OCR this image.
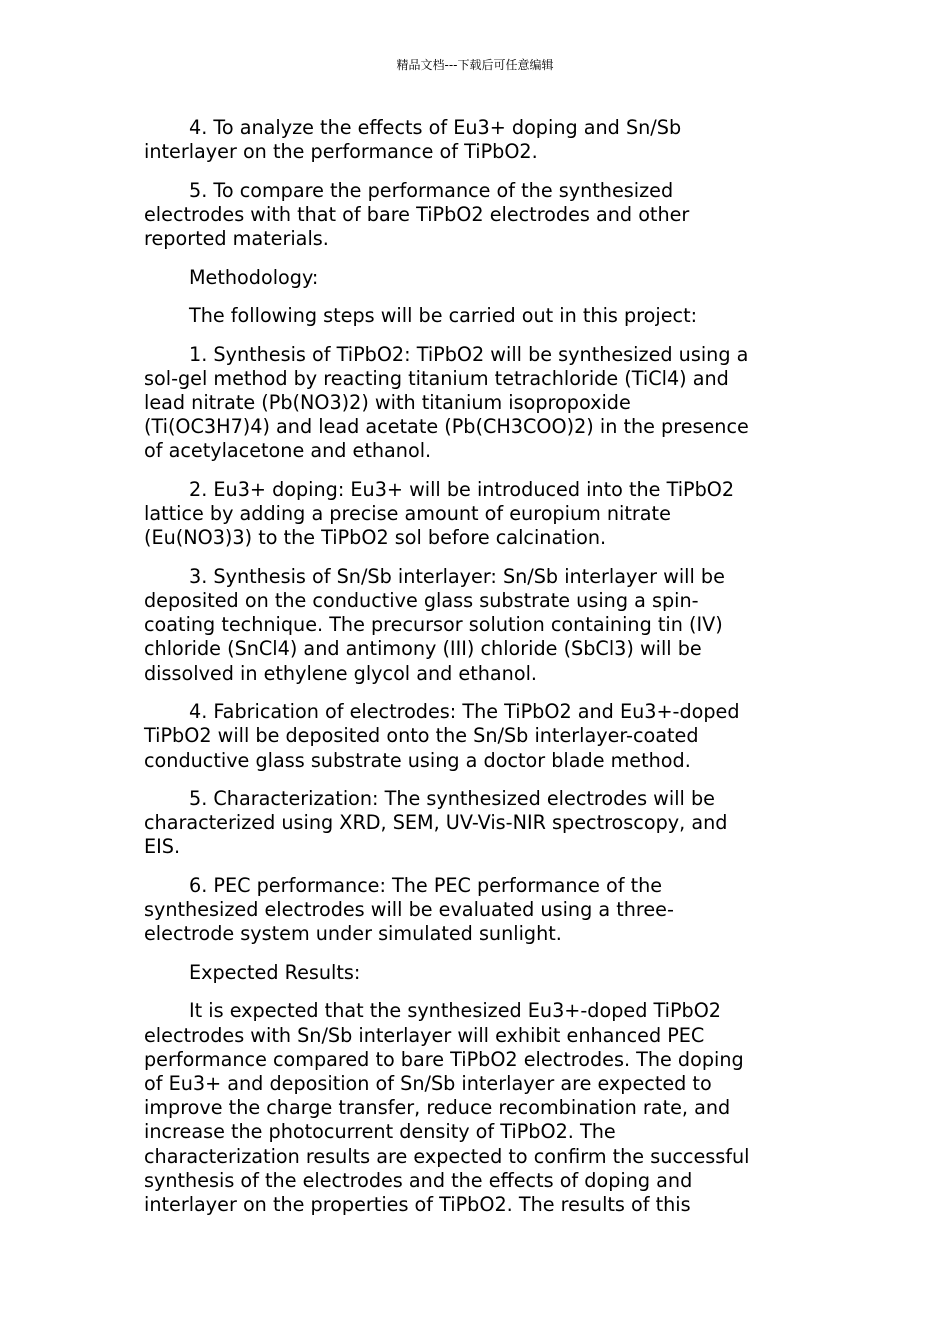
精品文档---下载后可任意编辑

4. To analyze the effects of Eu3+ doping and Sn/Sb
interlayer on the performance of TiPbO2.

5. To compare the performance of the synthesized
electrodes with that of bare TiPbO2 electrodes and other
reported materials.

Methodology:

The following steps will be carried out in this project:

1. Synthesis of TiPbO2: TiPbO2 will be synthesized using a
sol-gel method by reacting titanium tetrachloride (TiCl4) and
lead nitrate (Pb(NO3)2) with titanium isopropoxide
(Ti(OC3H7)4) and lead acetate (Pb(CH3COO)2) in the presence
of acetylacetone and ethanol.

2. Eu3+ doping: Eu3+ will be introduced into the TiPbO2
lattice by adding a precise amount of europium nitrate
(Eu(NO3)3) to the TiPbO2 sol before calcination.

3. Synthesis of Sn/Sb interlayer: Sn/Sb interlayer will be
deposited on the conductive glass substrate using a spin-
coating technique. The precursor solution containing tin (IV)
chloride (SnCl4) and antimony (III) chloride (SbCl3) will be
dissolved in ethylene glycol and ethanol.

4. Fabrication of electrodes: The TiPbO2 and Eu3+-doped
TiPbO2 will be deposited onto the Sn/Sb interlayer-coated
conductive glass substrate using a doctor blade method.

5. Characterization: The synthesized electrodes will be
characterized using XRD, SEM, UV-Vis-NIR spectroscopy, and
EIS.

6. PEC performance: The PEC performance of the
synthesized electrodes will be evaluated using a three-
electrode system under simulated sunlight.

Expected Results:

It is expected that the synthesized Eu3+-doped TiPbO2
electrodes with Sn/Sb interlayer will exhibit enhanced PEC
performance compared to bare TiPbO2 electrodes. The doping
of Eu3+ and deposition of Sn/Sb interlayer are expected to
improve the charge transfer, reduce recombination rate, and
increase the photocurrent density of TiPbO2. The
characterization results are expected to confirm the successful
synthesis of the electrodes and the effects of doping and
interlayer on the properties of TiPbO2. The results of this
